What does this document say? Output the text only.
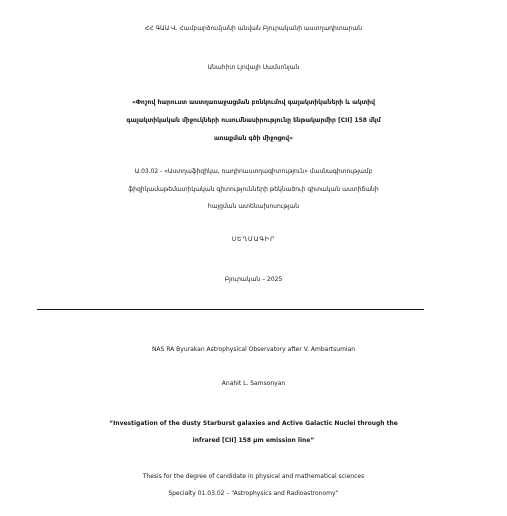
ՀՀ ԳԱԱ Վ. Համբարձումյանի անվան Բյուրականի աստղադիտարան
Անահիտ Լյովայի Սամսոնյան
«Փոշով հարուստ աստղառաջացման բռնկումով գալակտիկաների և ակտիվ
գալակտիկական միջուկների ուսումնասիրությունը ենթակարմիր [CII] 158 մկմ
առաքման գծի միջոցով»
Ա.03.02 - «Աստղաֆիզիկա, ռադիոաստղագիտություն» մասնագիտությամբ
ֆիզիկամաթեմատիկական գիտությունների թեկնածուի գիտական աստիճանի
հայցման ատենախոսության
ՍԵՂՄԱԳԻՐ
Բյուրական – 2025
NAS RA Byurakan Astrophysical Observatory after V. Ambartsumian
Anahit L. Samsonyan
“Investigation of the dusty Starburst galaxies and Active Galactic Nuclei through the
infrared [CII] 158 μm emission line”
Thesis for the degree of candidate in physical and mathematical sciences
Specialty 01.03.02 – “Astrophysics and Radioastronomy”
